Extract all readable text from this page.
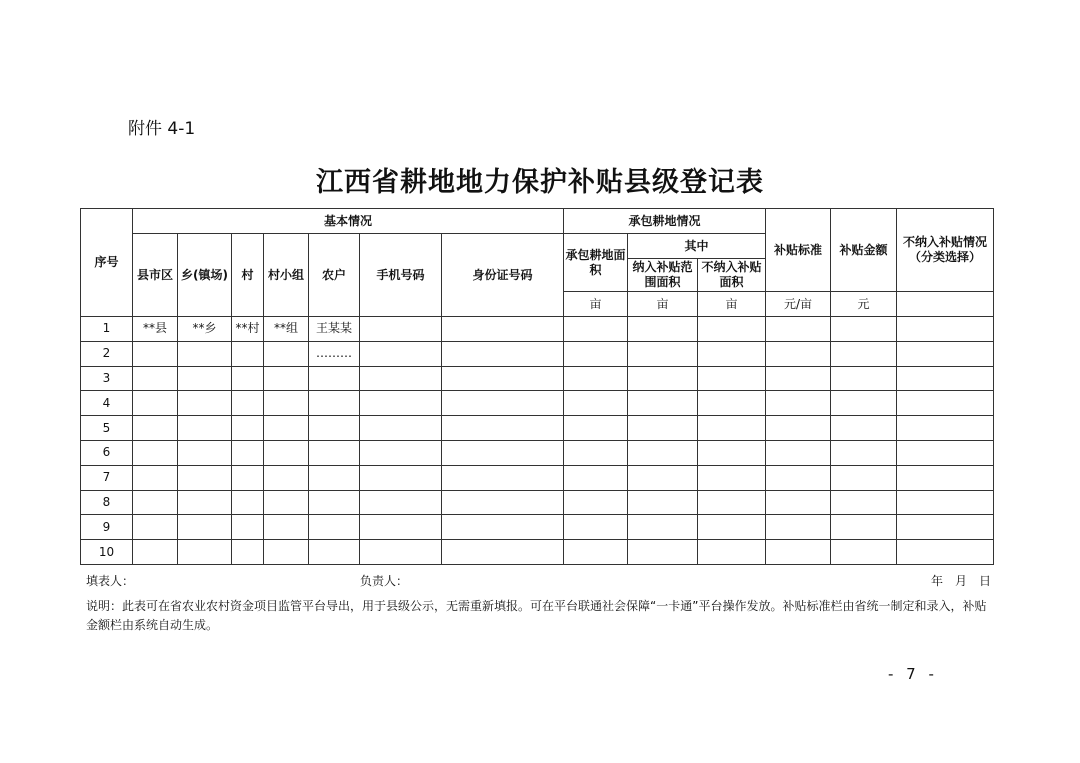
附件 4-1
江西省耕地地力保护补贴县级登记表
序号	基本情况							承包耕地情况			补贴标准	补贴金额	不纳入补贴情况（分类选择）
	县市区	乡(镇场)	村	村小组	农户	手机号码	身份证号码	承包耕地面积	其中				
									纳入补贴范围面积	不纳入补贴面积			
								亩	亩	亩	元/亩	元	
1	**县	**乡	**村	**组	王某某								
2					………								
3													
4													
5													
6													
7													
8													
9													
10													
填表人：	负责人：	年　月　日
说明：此表可在省农业农村资金项目监管平台导出，用于县级公示，无需重新填报。可在平台联通社会保障“一卡通”平台操作发放。补贴标准栏由省统一制定和录入，补贴金额栏由系统自动生成。
- 7 -
